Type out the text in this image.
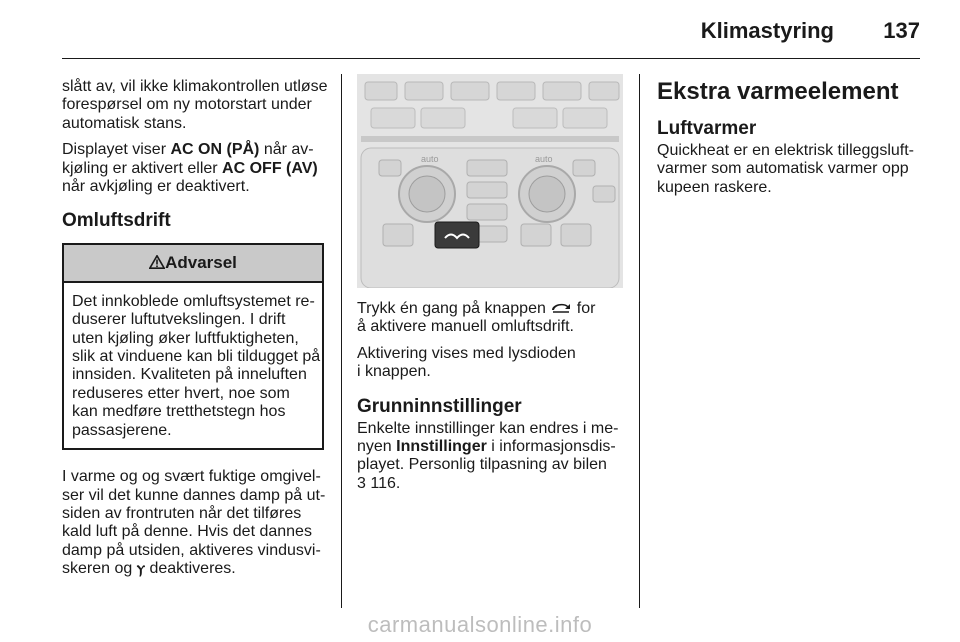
Klimastyring 137

slått av, vil ikke klimakontrollen utløse
forespørsel om ny motorstart under
automatisk stans.

Displayet viser AC ON (PÅ) når av-
kjøling er aktivert eller AC OFF (AV)
når avkjøling er deaktivert.

Omluftsdrift
Advarsel
Det innkoblede omluftsystemet re-
duserer luftutvekslingen. I drift
uten kjøling øker luftfuktigheten,
slik at vinduene kan bli tildugget på
innsiden. Kvaliteten på inneluften
reduseres etter hvert, noe som
kan medføre tretthetstegn hos
passasjerene.

I varme og og svært fuktige omgivel-
ser vil det kunne dannes damp på ut-
siden av frontruten når det tilføres
kald luft på denne. Hvis det dannes
damp på utsiden, aktiveres vindusvi-
skeren og ⲩ deaktiveres.

auto	auto

Trykk én gang på knappen  for
å aktivere manuell omluftsdrift.

Aktivering vises med lysdioden
i knappen.

Grunninnstillinger

Enkelte innstillinger kan endres i me-
nyen Innstillinger i informasjonsdis-
playet. Personlig tilpasning av bilen
3 116.

Ekstra varmeelement
Luftvarmer

Quickheat er en elektrisk tilleggsluft-
varmer som automatisk varmer opp
kupeen raskere.

carmanualsonline.info
